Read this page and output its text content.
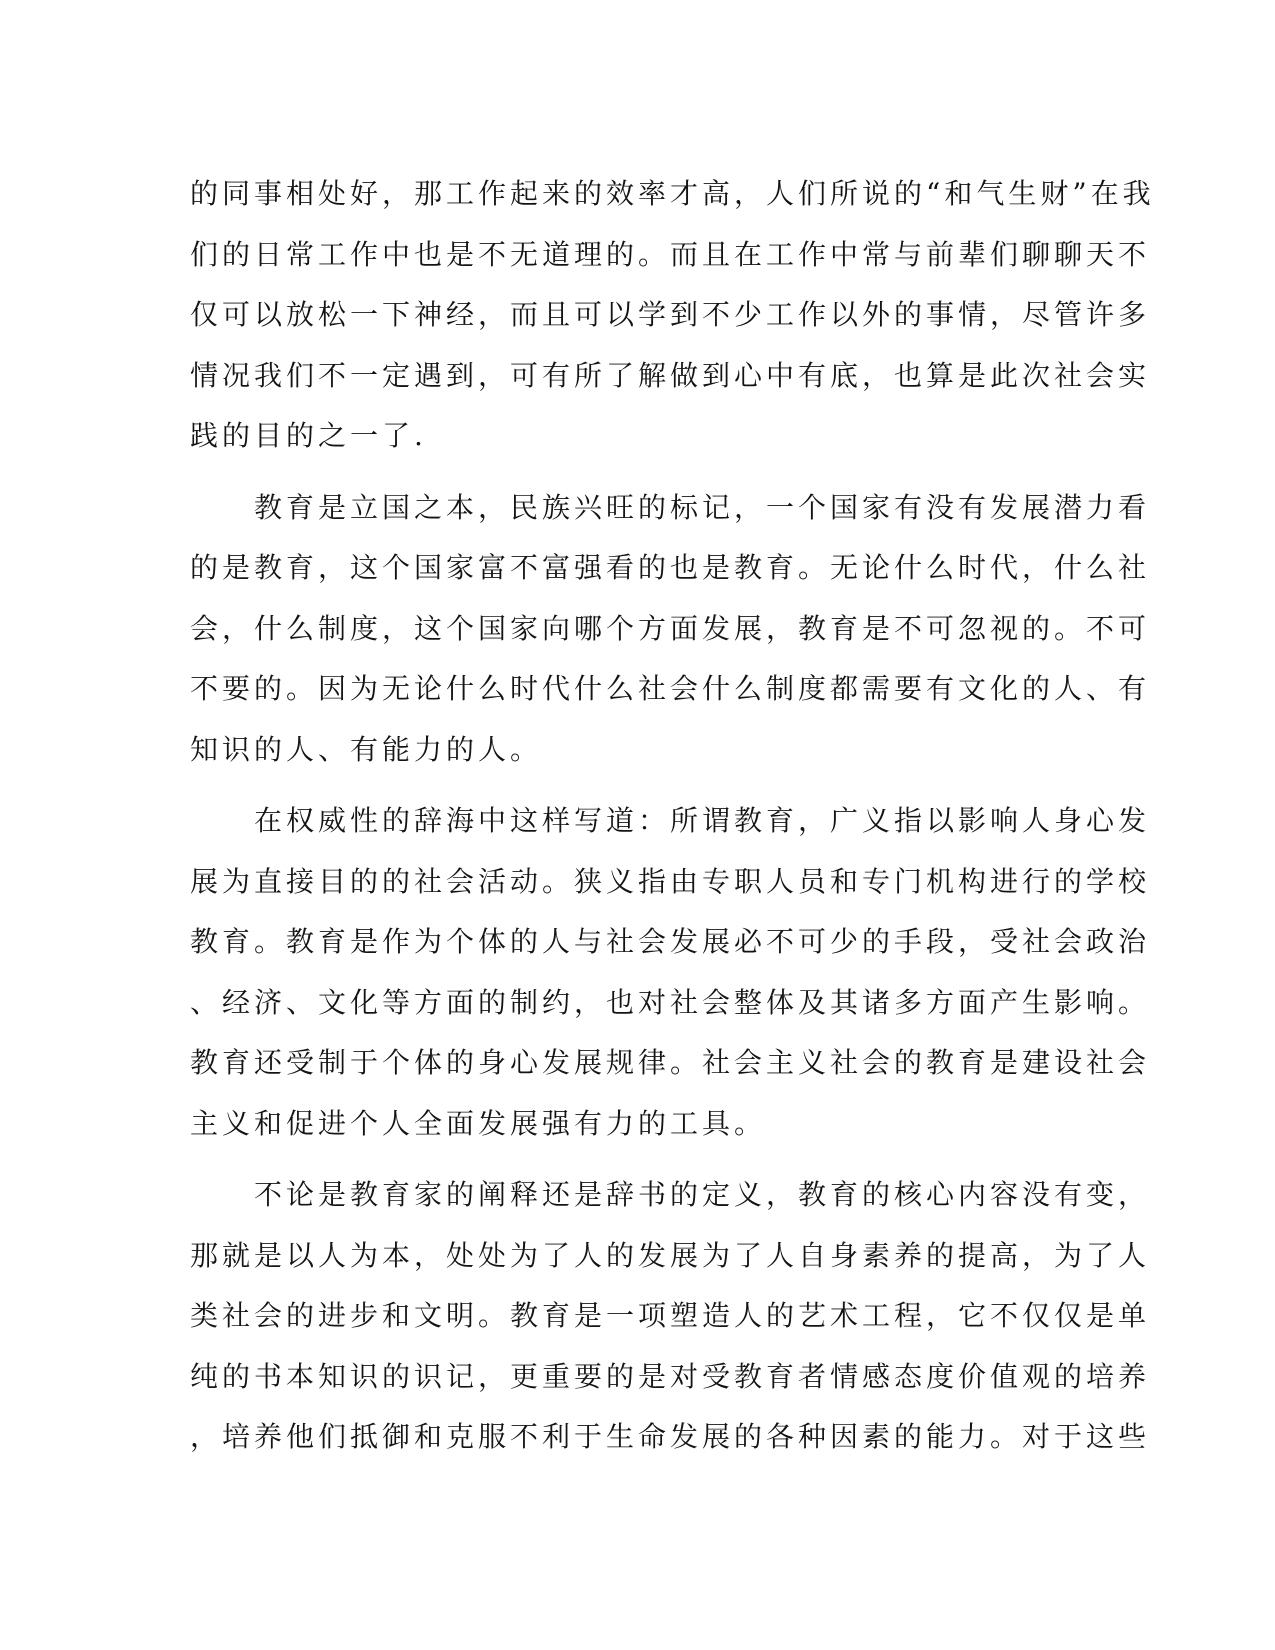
的同事相处好，那工作起来的效率才高，人们所说的“和气生财”在我

们的日常工作中也是不无道理的。而且在工作中常与前辈们聊聊天不

仅可以放松一下神经，而且可以学到不少工作以外的事情，尽管许多

情况我们不一定遇到，可有所了解做到心中有底，也算是此次社会实

践的目的之一了.

　　教育是立国之本，民族兴旺的标记，一个国家有没有发展潜力看

的是教育，这个国家富不富强看的也是教育。无论什么时代，什么社

会，什么制度，这个国家向哪个方面发展，教育是不可忽视的。不可

不要的。因为无论什么时代什么社会什么制度都需要有文化的人、有

知识的人、有能力的人。

　　在权威性的辞海中这样写道：所谓教育，广义指以影响人身心发

展为直接目的的社会活动。狭义指由专职人员和专门机构进行的学校

教育。教育是作为个体的人与社会发展必不可少的手段，受社会政治

、经济、文化等方面的制约，也对社会整体及其诸多方面产生影响。

教育还受制于个体的身心发展规律。社会主义社会的教育是建设社会

主义和促进个人全面发展强有力的工具。

　　不论是教育家的阐释还是辞书的定义，教育的核心内容没有变，

那就是以人为本，处处为了人的发展为了人自身素养的提高，为了人

类社会的进步和文明。教育是一项塑造人的艺术工程，它不仅仅是单

纯的书本知识的识记，更重要的是对受教育者情感态度价值观的培养

，培养他们抵御和克服不利于生命发展的各种因素的能力。对于这些
